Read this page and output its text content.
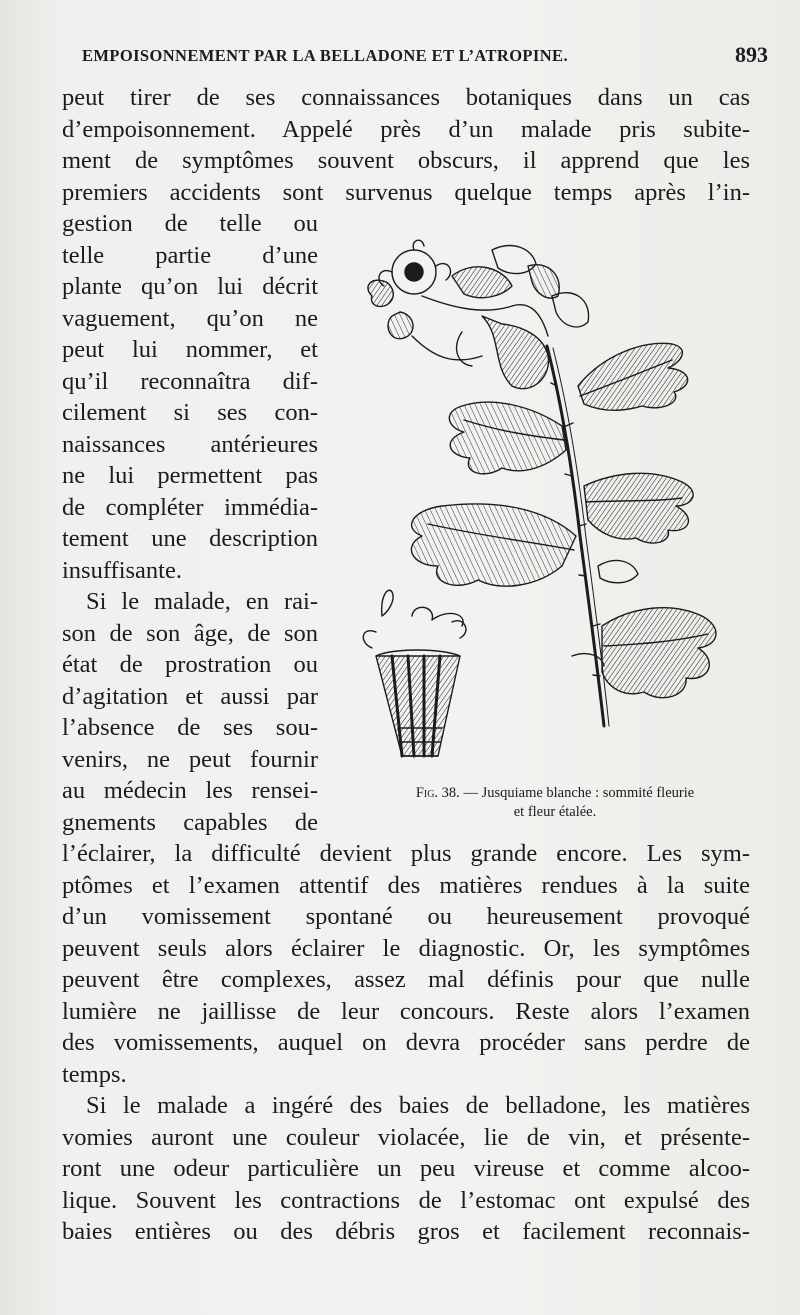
EMPOISONNEMENT PAR LA BELLADONE ET L’ATROPINE.	893
peut tirer de ses connaissances botaniques dans un cas
d’empoisonnement. Appelé près d’un malade pris subite-
ment de symptômes souvent obscurs, il apprend que les
premiers accidents sont survenus quelque temps après l’in-
gestion de telle ou
telle partie d’une
plante qu’on lui décrit
vaguement, qu’on ne
peut lui nommer, et
qu’il reconnaîtra dif-
cilement si ses con-
naissances antérieures
ne lui permettent pas
de compléter immédia-
tement une description
insuffisante.
Si le malade, en rai-
son de son âge, de son
état de prostration ou
d’agitation et aussi par
l’absence de ses sou-
venirs, ne peut fournir
au médecin les rensei-
gnements capables de
Fig. 38. — Jusquiame blanche : sommité fleurie
et fleur étalée.
l’éclairer, la difficulté devient plus grande encore. Les sym-
ptômes et l’examen attentif des matières rendues à la suite
d’un vomissement spontané ou heureusement provoqué
peuvent seuls alors éclairer le diagnostic. Or, les symptômes
peuvent être complexes, assez mal définis pour que nulle
lumière ne jaillisse de leur concours. Reste alors l’examen
des vomissements, auquel on devra procéder sans perdre de
temps.
Si le malade a ingéré des baies de belladone, les matières
vomies auront une couleur violacée, lie de vin, et présente-
ront une odeur particulière un peu vireuse et comme alcoo-
lique. Souvent les contractions de l’estomac ont expulsé des
baies entières ou des débris gros et facilement reconnais-
